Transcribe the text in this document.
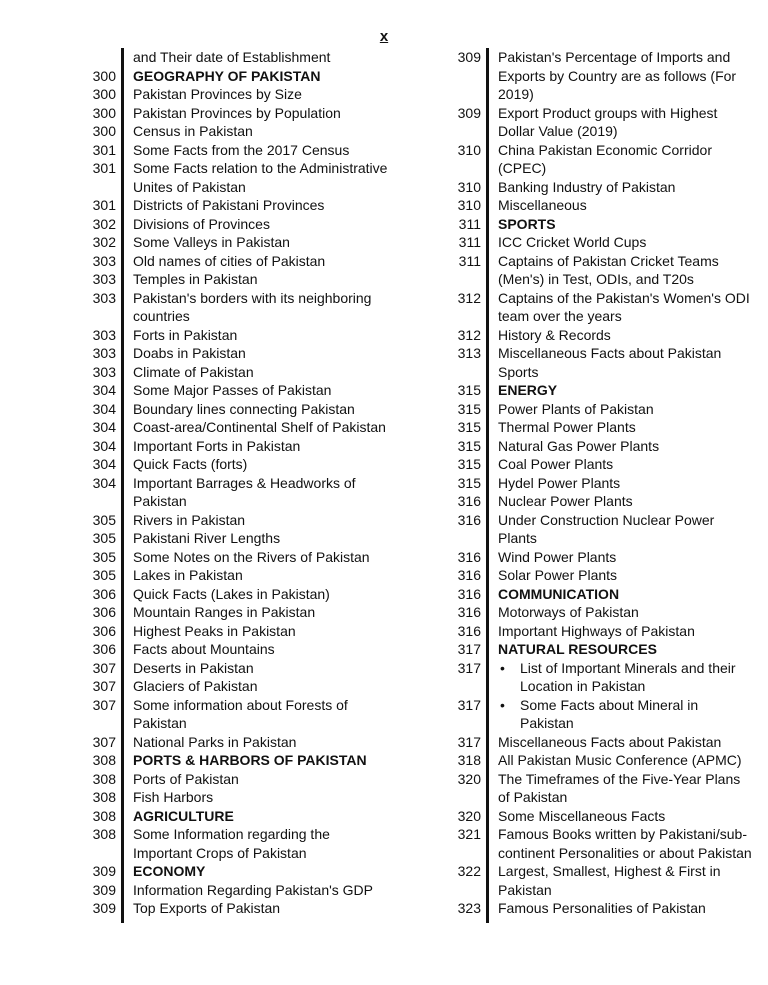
x
and Their date of Establishment
300 GEOGRAPHY OF PAKISTAN
300 Pakistan Provinces by Size
300 Pakistan Provinces by Population
300 Census in Pakistan
301 Some Facts from the 2017 Census
301 Some Facts relation to the Administrative Unites of Pakistan
301 Districts of Pakistani Provinces
302 Divisions of Provinces
302 Some Valleys in Pakistan
303 Old names of cities of Pakistan
303 Temples in Pakistan
303 Pakistan's borders with its neighboring countries
303 Forts in Pakistan
303 Doabs in Pakistan
303 Climate of Pakistan
304 Some Major Passes of Pakistan
304 Boundary lines connecting Pakistan
304 Coast-area/Continental Shelf of Pakistan
304 Important Forts in Pakistan
304 Quick Facts (forts)
304 Important Barrages & Headworks of Pakistan
305 Rivers in Pakistan
305 Pakistani River Lengths
305 Some Notes on the Rivers of Pakistan
305 Lakes in Pakistan
306 Quick Facts (Lakes in Pakistan)
306 Mountain Ranges in Pakistan
306 Highest Peaks in Pakistan
306 Facts about Mountains
307 Deserts in Pakistan
307 Glaciers of Pakistan
307 Some information about Forests of Pakistan
307 National Parks in Pakistan
308 PORTS & HARBORS OF PAKISTAN
308 Ports of Pakistan
308 Fish Harbors
308 AGRICULTURE
308 Some Information regarding the Important Crops of Pakistan
309 ECONOMY
309 Information Regarding Pakistan's GDP
309 Top Exports of Pakistan
309 Pakistan's Percentage of Imports and Exports by Country are as follows (For 2019)
309 Export Product groups with Highest Dollar Value (2019)
310 China Pakistan Economic Corridor (CPEC)
310 Banking Industry of Pakistan
310 Miscellaneous
311 SPORTS
311 ICC Cricket World Cups
311 Captains of Pakistan Cricket Teams (Men's) in Test, ODIs, and T20s
312 Captains of the Pakistan's Women's ODI team over the years
312 History & Records
313 Miscellaneous Facts about Pakistan Sports
315 ENERGY
315 Power Plants of Pakistan
315 Thermal Power Plants
315 Natural Gas Power Plants
315 Coal Power Plants
315 Hydel Power Plants
316 Nuclear Power Plants
316 Under Construction Nuclear Power Plants
316 Wind Power Plants
316 Solar Power Plants
316 COMMUNICATION
316 Motorways of Pakistan
316 Important Highways of Pakistan
317 NATURAL RESOURCES
317	• List of Important Minerals and their Location in Pakistan
317	• Some Facts about Mineral in Pakistan
317 Miscellaneous Facts about Pakistan
318 All Pakistan Music Conference (APMC)
320 The Timeframes of the Five-Year Plans of Pakistan
320 Some Miscellaneous Facts
321 Famous Books written by Pakistani/sub-continent Personalities or about Pakistan
322 Largest, Smallest, Highest & First in Pakistan
323 Famous Personalities of Pakistan
